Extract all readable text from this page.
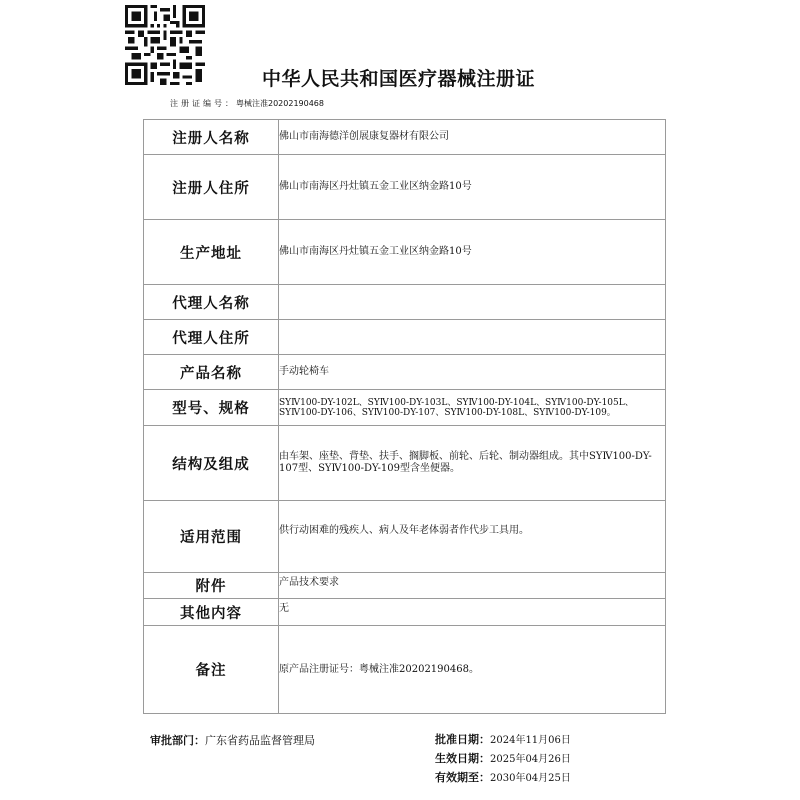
中华人民共和国医疗器械注册证
注册证编号：粤械注准20202190468
注册人名称	佛山市南海德洋创展康复器材有限公司
注册人住所	佛山市南海区丹灶镇五金工业区纳金路10号
生产地址	佛山市南海区丹灶镇五金工业区纳金路10号
代理人名称	
代理人住所	
产品名称	手动轮椅车
型号、规格	SYⅣ100-DY-102L、SYⅣ100-DY-103L、SYⅣ100-DY-104L、SYⅣ100-DY-105L、SYⅣ100-DY-106、SYⅣ100-DY-107、SYⅣ100-DY-108L、SYⅣ100-DY-109。
结构及组成	由车架、座垫、背垫、扶手、搁脚板、前轮、后轮、制动器组成。其中SYⅣ100-DY-107型、SYⅣ100-DY-109型含坐便器。
适用范围	供行动困难的残疾人、病人及年老体弱者作代步工具用。
附件	产品技术要求
其他内容	无
备注	原产品注册证号：粤械注准20202190468。
审批部门：广东省药品监督管理局	批准日期：2024年11月06日
生效日期：2025年04月26日
有效期至：2030年04月25日
